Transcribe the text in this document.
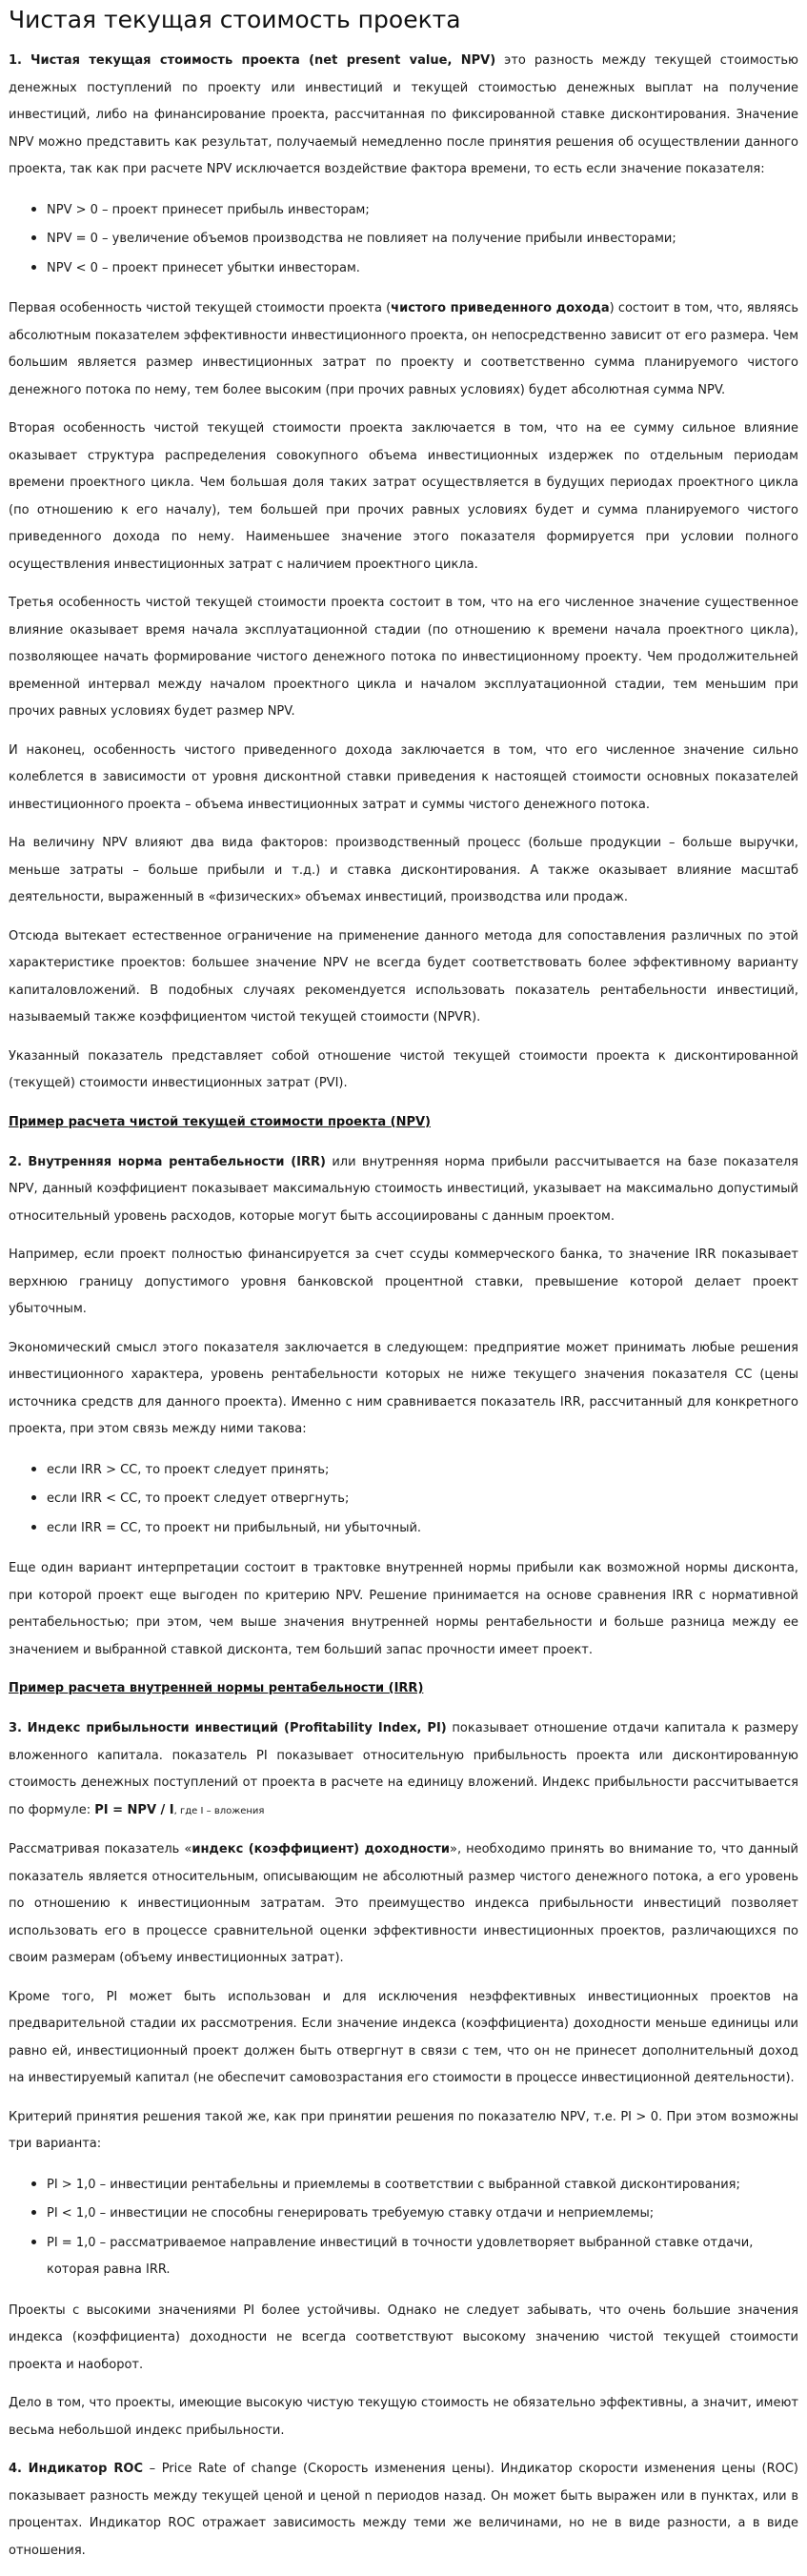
Чистая текущая стоимость проекта

1. Чистая текущая стоимость проекта (net present value, NPV) это разность между текущей стоимостью денежных поступлений по проекту или инвестиций и текущей стоимостью денежных выплат на получение инвестиций, либо на финансирование проекта, рассчитанная по фиксированной ставке дисконтирования. Значение NPV можно представить как результат, получаемый немедленно после принятия решения об осуществлении данного проекта, так как при расчете NPV исключается воздействие фактора времени, то есть если значение показателя:

• NPV > 0 – проект принесет прибыль инвесторам;
• NPV = 0 – увеличение объемов производства не повлияет на получение прибыли инвесторами;
• NPV < 0 – проект принесет убытки инвесторам.

Первая особенность чистой текущей стоимости проекта (чистого приведенного дохода) состоит в том, что, являясь абсолютным показателем эффективности инвестиционного проекта, он непосредственно зависит от его размера. Чем большим является размер инвестиционных затрат по проекту и соответственно сумма планируемого чистого денежного потока по нему, тем более высоким (при прочих равных условиях) будет абсолютная сумма NPV.

Вторая особенность чистой текущей стоимости проекта заключается в том, что на ее сумму сильное влияние оказывает структура распределения совокупного объема инвестиционных издержек по отдельным периодам времени проектного цикла. Чем большая доля таких затрат осуществляется в будущих периодах проектного цикла (по отношению к его началу), тем большей при прочих равных условиях будет и сумма планируемого чистого приведенного дохода по нему. Наименьшее значение этого показателя формируется при условии полного осуществления инвестиционных затрат с наличием проектного цикла.

Третья особенность чистой текущей стоимости проекта состоит в том, что на его численное значение существенное влияние оказывает время начала эксплуатационной стадии (по отношению к времени начала проектного цикла), позволяющее начать формирование чистого денежного потока по инвестиционному проекту. Чем продолжительней временной интервал между началом проектного цикла и началом эксплуатационной стадии, тем меньшим при прочих равных условиях будет размер NPV.

И наконец, особенность чистого приведенного дохода заключается в том, что его численное значение сильно колеблется в зависимости от уровня дисконтной ставки приведения к настоящей стоимости основных показателей инвестиционного проекта – объема инвестиционных затрат и суммы чистого денежного потока.

На величину NPV влияют два вида факторов: производственный процесс (больше продукции – больше выручки, меньше затраты – больше прибыли и т.д.) и ставка дисконтирования. А также оказывает влияние масштаб деятельности, выраженный в «физических» объемах инвестиций, производства или продаж.

Отсюда вытекает естественное ограничение на применение данного метода для сопоставления различных по этой характеристике проектов: большее значение NPV не всегда будет соответствовать более эффективному варианту капиталовложений. В подобных случаях рекомендуется использовать показатель рентабельности инвестиций, называемый также коэффициентом чистой текущей стоимости (NPVR).

Указанный показатель представляет собой отношение чистой текущей стоимости проекта к дисконтированной (текущей) стоимости инвестиционных затрат (PVI).

Пример расчета чистой текущей стоимости проекта (NPV)

2. Внутренняя норма рентабельности (IRR) или внутренняя норма прибыли рассчитывается на базе показателя NPV, данный коэффициент показывает максимальную стоимость инвестиций, указывает на максимально допустимый относительный уровень расходов, которые могут быть ассоциированы с данным проектом.

Например, если проект полностью финансируется за счет ссуды коммерческого банка, то значение IRR показывает верхнюю границу допустимого уровня банковской процентной ставки, превышение которой делает проект убыточным.

Экономический смысл этого показателя заключается в следующем: предприятие может принимать любые решения инвестиционного характера, уровень рентабельности которых не ниже текущего значения показателя CC (цены источника средств для данного проекта). Именно с ним сравнивается показатель IRR, рассчитанный для конкретного проекта, при этом связь между ними такова:

• если IRR > CC, то проект следует принять;
• если IRR < CC, то проект следует отвергнуть;
• если IRR = CC, то проект ни прибыльный, ни убыточный.

Еще один вариант интерпретации состоит в трактовке внутренней нормы прибыли как возможной нормы дисконта, при которой проект еще выгоден по критерию NPV. Решение принимается на основе сравнения IRR с нормативной рентабельностью; при этом, чем выше значения внутренней нормы рентабельности и больше разница между ее значением и выбранной ставкой дисконта, тем больший запас прочности имеет проект.

Пример расчета внутренней нормы рентабельности (IRR)

3. Индекс прибыльности инвестиций (Profitability Index, PI) показывает отношение отдачи капитала к размеру вложенного капитала. показатель PI показывает относительную прибыльность проекта или дисконтированную стоимость денежных поступлений от проекта в расчете на единицу вложений. Индекс прибыльности рассчитывается по формуле: PI = NPV / I, где I – вложения

Рассматривая показатель «индекс (коэффициент) доходности», необходимо принять во внимание то, что данный показатель является относительным, описывающим не абсолютный размер чистого денежного потока, а его уровень по отношению к инвестиционным затратам. Это преимущество индекса прибыльности инвестиций позволяет использовать его в процессе сравнительной оценки эффективности инвестиционных проектов, различающихся по своим размерам (объему инвестиционных затрат).

Кроме того, PI может быть использован и для исключения неэффективных инвестиционных проектов на предварительной стадии их рассмотрения. Если значение индекса (коэффициента) доходности меньше единицы или равно ей, инвестиционный проект должен быть отвергнут в связи с тем, что он не принесет дополнительный доход на инвестируемый капитал (не обеспечит самовозрастания его стоимости в процессе инвестиционной деятельности).

Критерий принятия решения такой же, как при принятии решения по показателю NPV, т.е. PI > 0. При этом возможны три варианта:

• PI > 1,0 – инвестиции рентабельны и приемлемы в соответствии с выбранной ставкой дисконтирования;
• PI < 1,0 – инвестиции не способны генерировать требуемую ставку отдачи и неприемлемы;
• PI = 1,0 – рассматриваемое направление инвестиций в точности удовлетворяет выбранной ставке отдачи, которая равна IRR.

Проекты с высокими значениями PI более устойчивы. Однако не следует забывать, что очень большие значения индекса (коэффициента) доходности не всегда соответствуют высокому значению чистой текущей стоимости проекта и наоборот.

Дело в том, что проекты, имеющие высокую чистую текущую стоимость не обязательно эффективны, а значит, имеют весьма небольшой индекс прибыльности.

4. Индикатор ROC – Price Rate of change (Скорость изменения цены). Индикатор скорости изменения цены (ROC) показывает разность между текущей ценой и ценой n периодов назад. Он может быть выражен или в пунктах, или в процентах. Индикатор ROC отражает зависимость между теми же величинами, но не в виде разности, а в виде отношения.
